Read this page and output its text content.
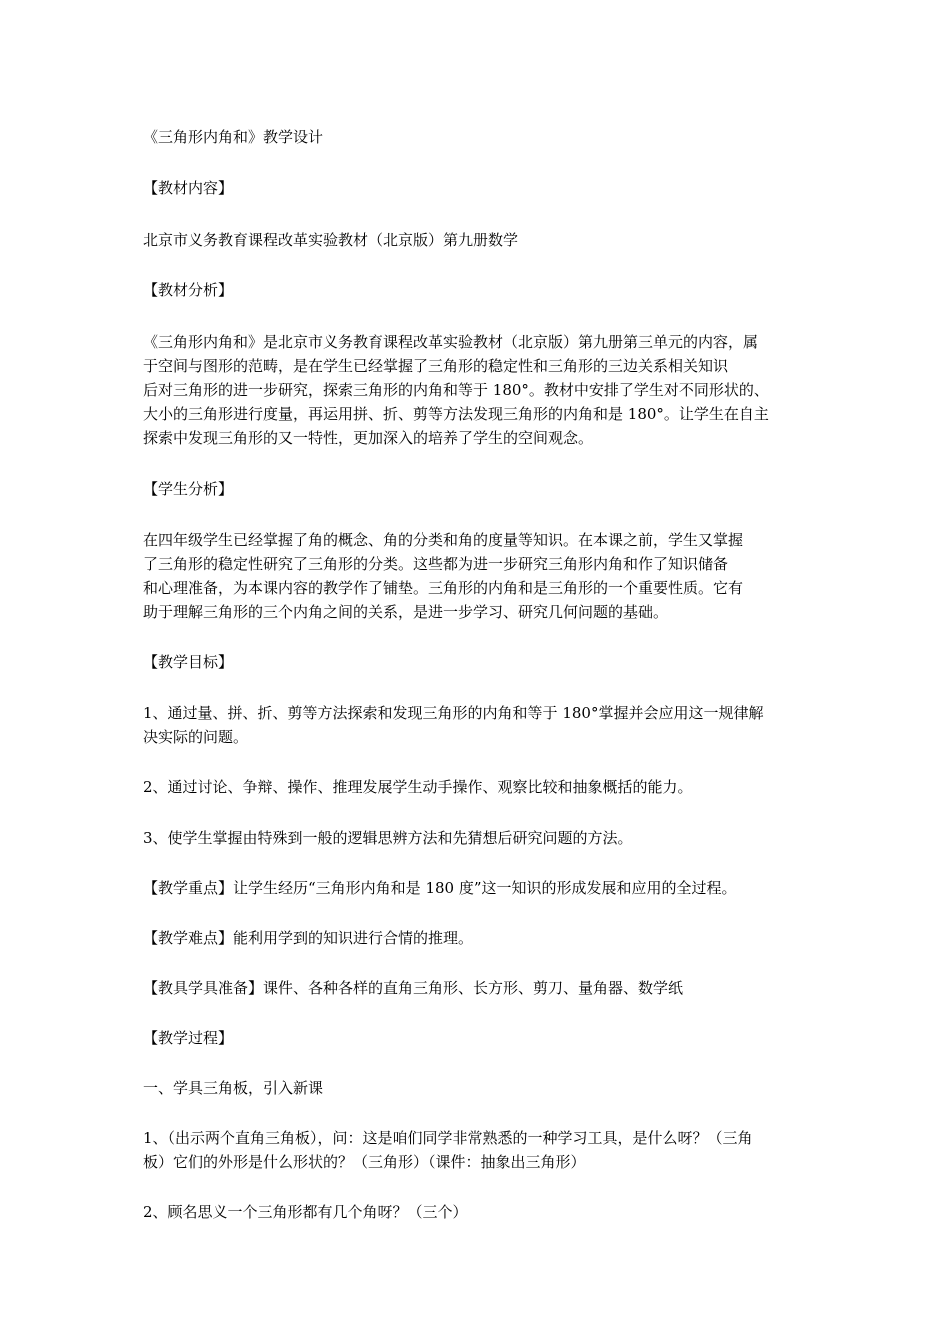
《三角形内角和》教学设计

【教材内容】

北京市义务教育课程改革实验教材（北京版）第九册数学

【教材分析】

《三角形内角和》是北京市义务教育课程改革实验教材（北京版）第九册第三单元的内容，属
于空间与图形的范畴，是在学生已经掌握了三角形的稳定性和三角形的三边关系相关知识
后对三角形的进一步研究，探索三角形的内角和等于 180°。教材中安排了学生对不同形状的、
大小的三角形进行度量，再运用拼、折、剪等方法发现三角形的内角和是 180°。让学生在自主
探索中发现三角形的又一特性，更加深入的培养了学生的空间观念。

【学生分析】

在四年级学生已经掌握了角的概念、角的分类和角的度量等知识。在本课之前，学生又掌握
了三角形的稳定性研究了三角形的分类。这些都为进一步研究三角形内角和作了知识储备
和心理准备，为本课内容的教学作了铺垫。三角形的内角和是三角形的一个重要性质。它有
助于理解三角形的三个内角之间的关系，是进一步学习、研究几何问题的基础。

【教学目标】

1、通过量、拼、折、剪等方法探索和发现三角形的内角和等于 180°掌握并会应用这一规律解
决实际的问题。

2、通过讨论、争辩、操作、推理发展学生动手操作、观察比较和抽象概括的能力。

3、使学生掌握由特殊到一般的逻辑思辨方法和先猜想后研究问题的方法。

【教学重点】让学生经历“三角形内角和是 180 度”这一知识的形成发展和应用的全过程。

【教学难点】能利用学到的知识进行合情的推理。

【教具学具准备】课件、各种各样的直角三角形、长方形、剪刀、量角器、数学纸

【教学过程】

一、学具三角板，引入新课

1、（出示两个直角三角板），问：这是咱们同学非常熟悉的一种学习工具，是什么呀？（三角
板）它们的外形是什么形状的？（三角形）（课件：抽象出三角形）

2、顾名思义一个三角形都有几个角呀？（三个）
